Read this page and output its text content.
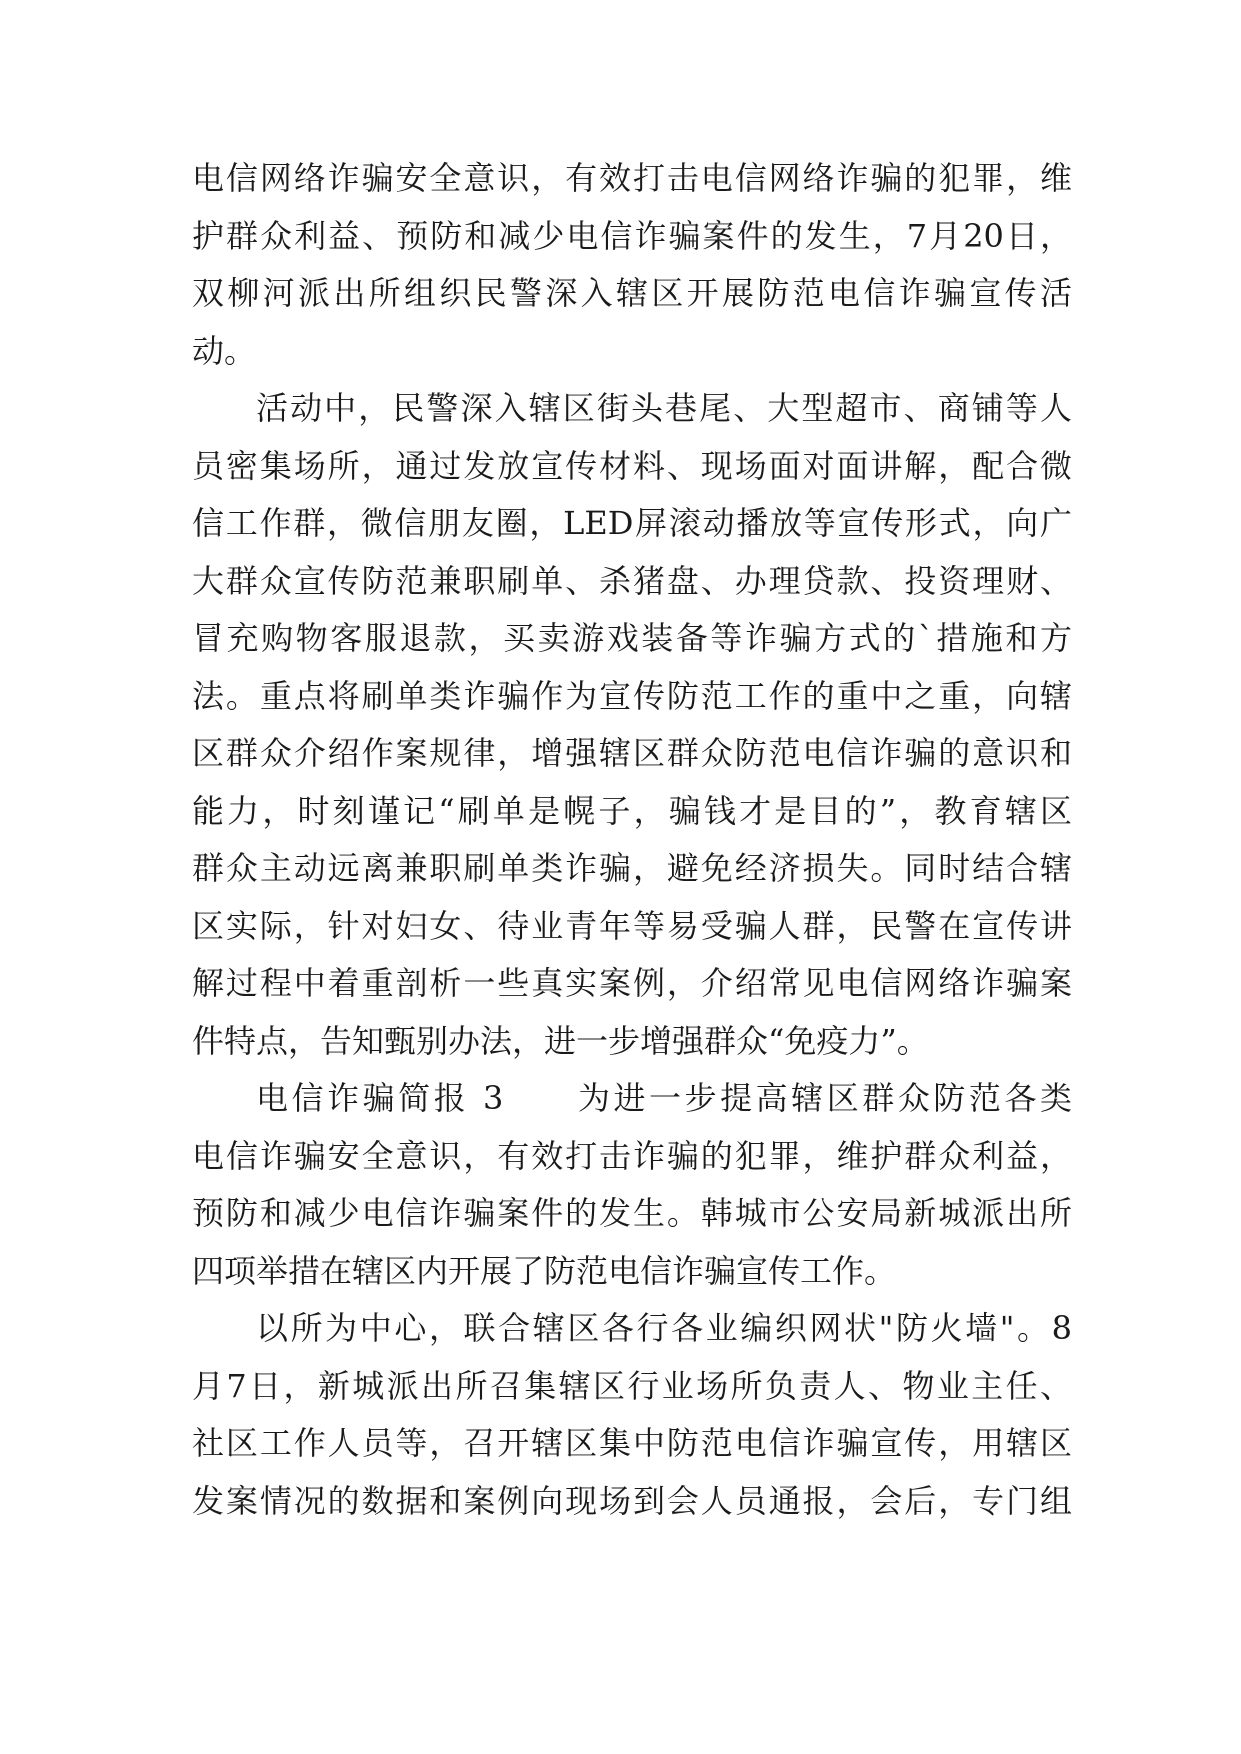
电信网络诈骗安全意识，有效打击电信网络诈骗的犯罪，维
护群众利益、预防和减少电信诈骗案件的发生，7月20日，
双柳河派出所组织民警深入辖区开展防范电信诈骗宣传活
动。
活动中，民警深入辖区街头巷尾、大型超市、商铺等人
员密集场所，通过发放宣传材料、现场面对面讲解，配合微
信工作群，微信朋友圈，LED屏滚动播放等宣传形式，向广
大群众宣传防范兼职刷单、杀猪盘、办理贷款、投资理财、
冒充购物客服退款，买卖游戏装备等诈骗方式的`措施和方
法。重点将刷单类诈骗作为宣传防范工作的重中之重，向辖
区群众介绍作案规律，增强辖区群众防范电信诈骗的意识和
能力，时刻谨记“刷单是幌子，骗钱才是目的”，教育辖区
群众主动远离兼职刷单类诈骗，避免经济损失。同时结合辖
区实际，针对妇女、待业青年等易受骗人群，民警在宣传讲
解过程中着重剖析一些真实案例，介绍常见电信网络诈骗案
件特点，告知甄别办法，进一步增强群众“免疫力”。
电信诈骗简报 3　　为进一步提高辖区群众防范各类
电信诈骗安全意识，有效打击诈骗的犯罪，维护群众利益，
预防和减少电信诈骗案件的发生。韩城市公安局新城派出所
四项举措在辖区内开展了防范电信诈骗宣传工作。
以所为中心，联合辖区各行各业编织网状"防火墙"。8
月7日，新城派出所召集辖区行业场所负责人、物业主任、
社区工作人员等，召开辖区集中防范电信诈骗宣传，用辖区
发案情况的数据和案例向现场到会人员通报，会后，专门组
